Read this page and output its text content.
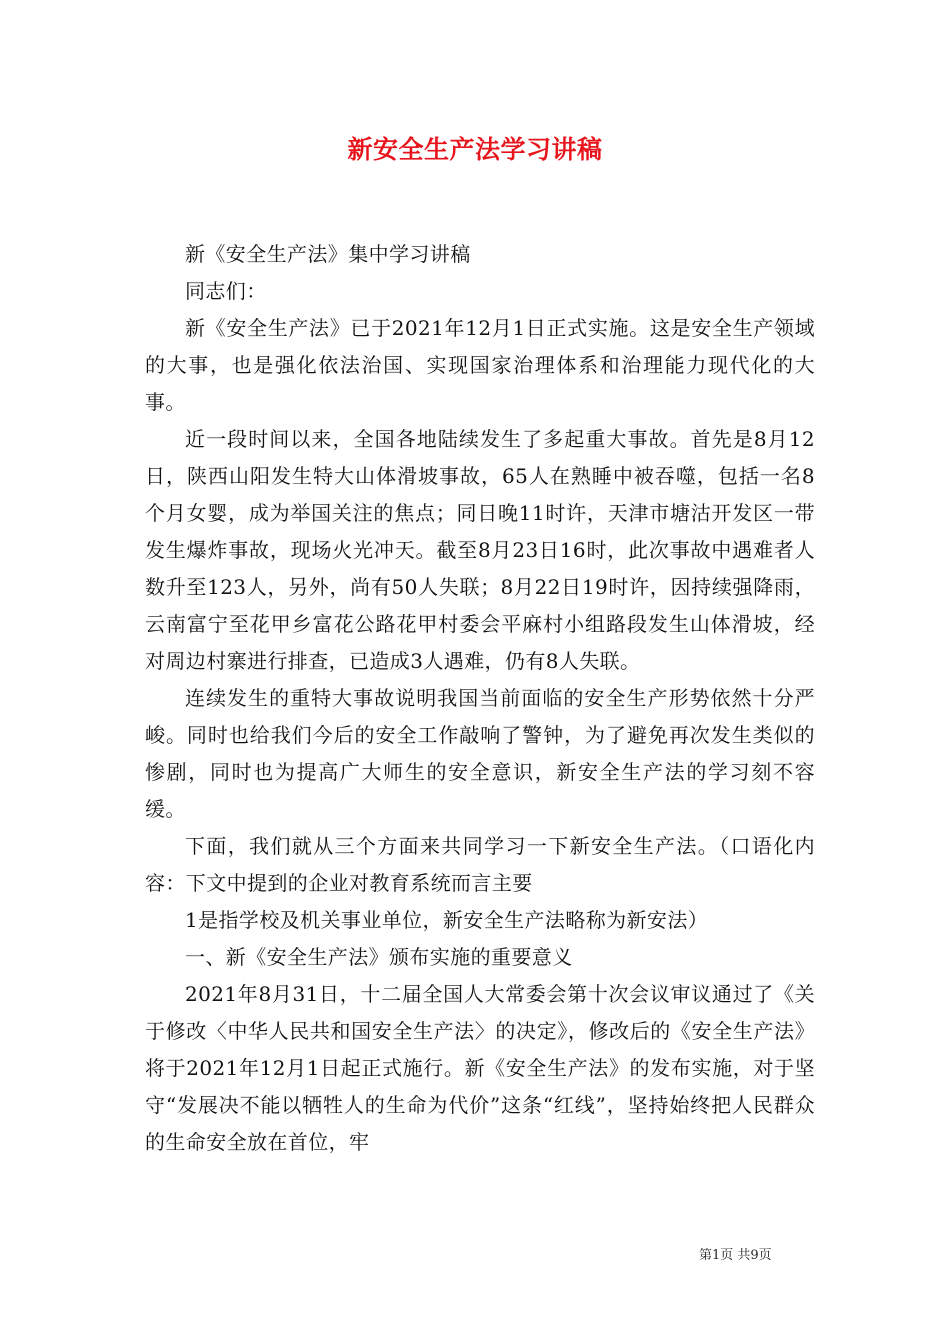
新安全生产法学习讲稿

新《安全生产法》集中学习讲稿

同志们：

新《安全生产法》已于2021年12月1日正式实施。这是安全生产领域的大事，也是强化依法治国、实现国家治理体系和治理能力现代化的大事。

近一段时间以来，全国各地陆续发生了多起重大事故。首先是8月12日，陕西山阳发生特大山体滑坡事故，65人在熟睡中被吞噬，包括一名8个月女婴，成为举国关注的焦点；同日晚11时许，天津市塘沽开发区一带发生爆炸事故，现场火光冲天。截至8月23日16时，此次事故中遇难者人数升至123人，另外，尚有50人失联；8月22日19时许，因持续强降雨，云南富宁至花甲乡富花公路花甲村委会平麻村小组路段发生山体滑坡，经对周边村寨进行排查，已造成3人遇难，仍有8人失联。

连续发生的重特大事故说明我国当前面临的安全生产形势依然十分严峻。同时也给我们今后的安全工作敲响了警钟，为了避免再次发生类似的惨剧，同时也为提高广大师生的安全意识，新安全生产法的学习刻不容缓。

下面，我们就从三个方面来共同学习一下新安全生产法。（口语化内容：下文中提到的企业对教育系统而言主要

1是指学校及机关事业单位，新安全生产法略称为新安法）

一、新《安全生产法》颁布实施的重要意义

2021年8月31日，十二届全国人大常委会第十次会议审议通过了《关于修改〈中华人民共和国安全生产法〉的决定》，修改后的《安全生产法》将于2021年12月1日起正式施行。新《安全生产法》的发布实施，对于坚守“发展决不能以牺牲人的生命为代价”这条“红线”，坚持始终把人民群众的生命安全放在首位，牢

第1页 共9页
